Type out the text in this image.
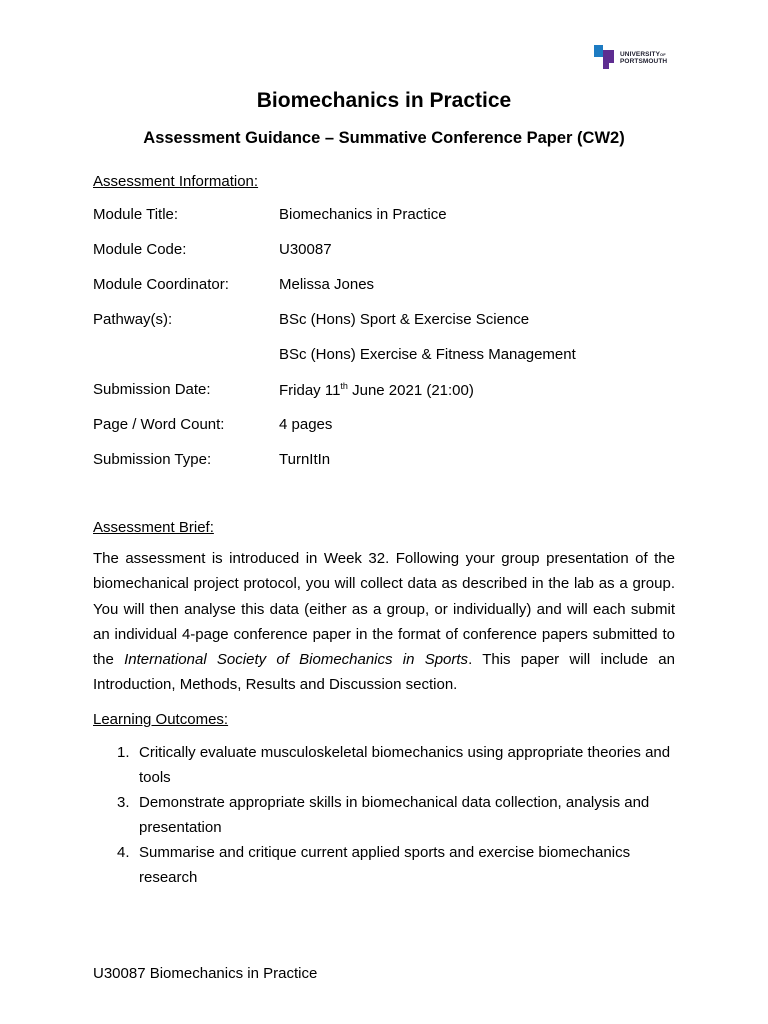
$UNIVERSITY^{OF}$
PORTSMOUTH
Biomechanics in Practice
Assessment Guidance – Summative Conference Paper (CW2)
Assessment Information:
Module Title:	Biomechanics in Practice
Module Code:	U30087
Module Coordinator:	Melissa Jones
Pathway(s):	BSc (Hons) Sport & Exercise Science
BSc (Hons) Exercise & Fitness Management
Submission Date:	Friday 11th June 2021 (21:00)
Page / Word Count:	4 pages
Submission Type:	TurnItIn
Assessment Brief:

The assessment is introduced in Week 32. Following your group presentation of the biomechanical project protocol, you will collect data as described in the lab as a group. You will then analyse this data (either as a group, or individually) and will each submit an individual 4-page conference paper in the format of conference papers submitted to the International Society of Biomechanics in Sports. This paper will include an Introduction, Methods, Results and Discussion section.

Learning Outcomes:
1. Critically evaluate musculoskeletal biomechanics using appropriate theories and tools
3. Demonstrate appropriate skills in biomechanical data collection, analysis and presentation
4. Summarise and critique current applied sports and exercise biomechanics research
U30087 Biomechanics in Practice
